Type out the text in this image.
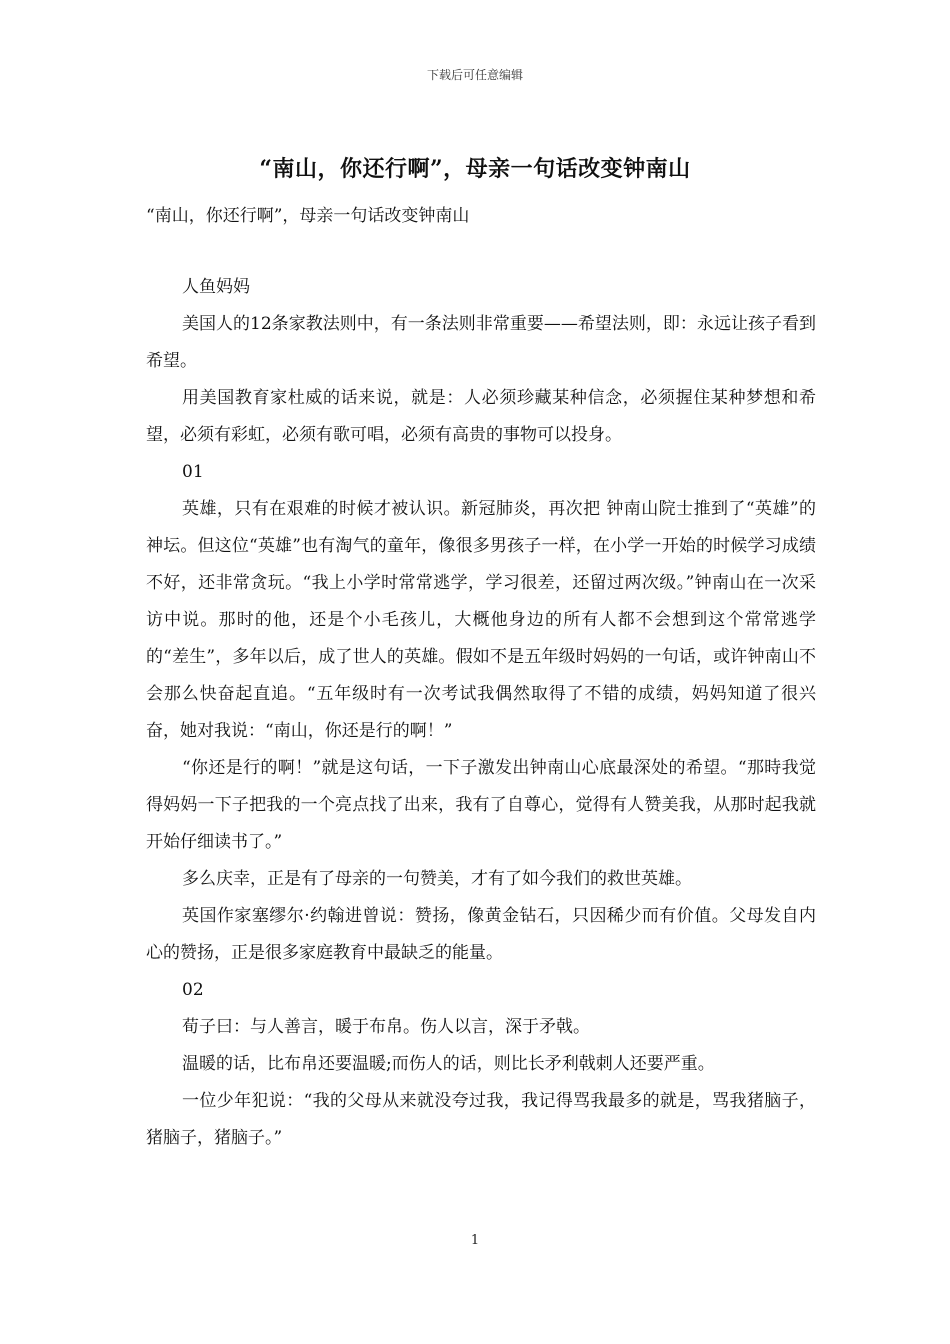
下载后可任意编辑
“南山，你还行啊”，母亲一句话改变钟南山

“南山，你还行啊”，母亲一句话改变钟南山

人鱼妈妈

美国人的12条家教法则中，有一条法则非常重要——希望法则，即：永远让孩子看到希望。

用美国教育家杜威的话来说，就是：人必须珍藏某种信念，必须握住某种梦想和希望，必须有彩虹，必须有歌可唱，必须有高贵的事物可以投身。

01

英雄，只有在艰难的时候才被认识。新冠肺炎，再次把 钟南山院士推到了“英雄”的神坛。但这位“英雄”也有淘气的童年，像很多男孩子一样，在小学一开始的时候学习成绩不好，还非常贪玩。“我上小学时常常逃学，学习很差，还留过两次级。”钟南山在一次采访中说。那时的他，还是个小毛孩儿，大概他身边的所有人都不会想到这个常常逃学的“差生”，多年以后，成了世人的英雄。假如不是五年级时妈妈的一句话，或许钟南山不会那么快奋起直追。“五年级时有一次考试我偶然取得了不错的成绩，妈妈知道了很兴奋，她对我说：“南山，你还是行的啊！”

“你还是行的啊！”就是这句话，一下子激发出钟南山心底最深处的希望。“那時我觉得妈妈一下子把我的一个亮点找了出来，我有了自尊心，觉得有人赞美我，从那时起我就开始仔细读书了。”

多么庆幸，正是有了母亲的一句赞美，才有了如今我们的救世英雄。

英国作家塞缪尔·约翰进曾说：赞扬，像黄金钻石，只因稀少而有价值。父母发自内心的赞扬，正是很多家庭教育中最缺乏的能量。

02

荀子曰：与人善言，暖于布帛。伤人以言，深于矛戟。

温暖的话，比布帛还要温暖;而伤人的话，则比长矛利戟刺人还要严重。

一位少年犯说：“我的父母从来就没夸过我，我记得骂我最多的就是，骂我猪脑子，猪脑子，猪脑子。”

1
